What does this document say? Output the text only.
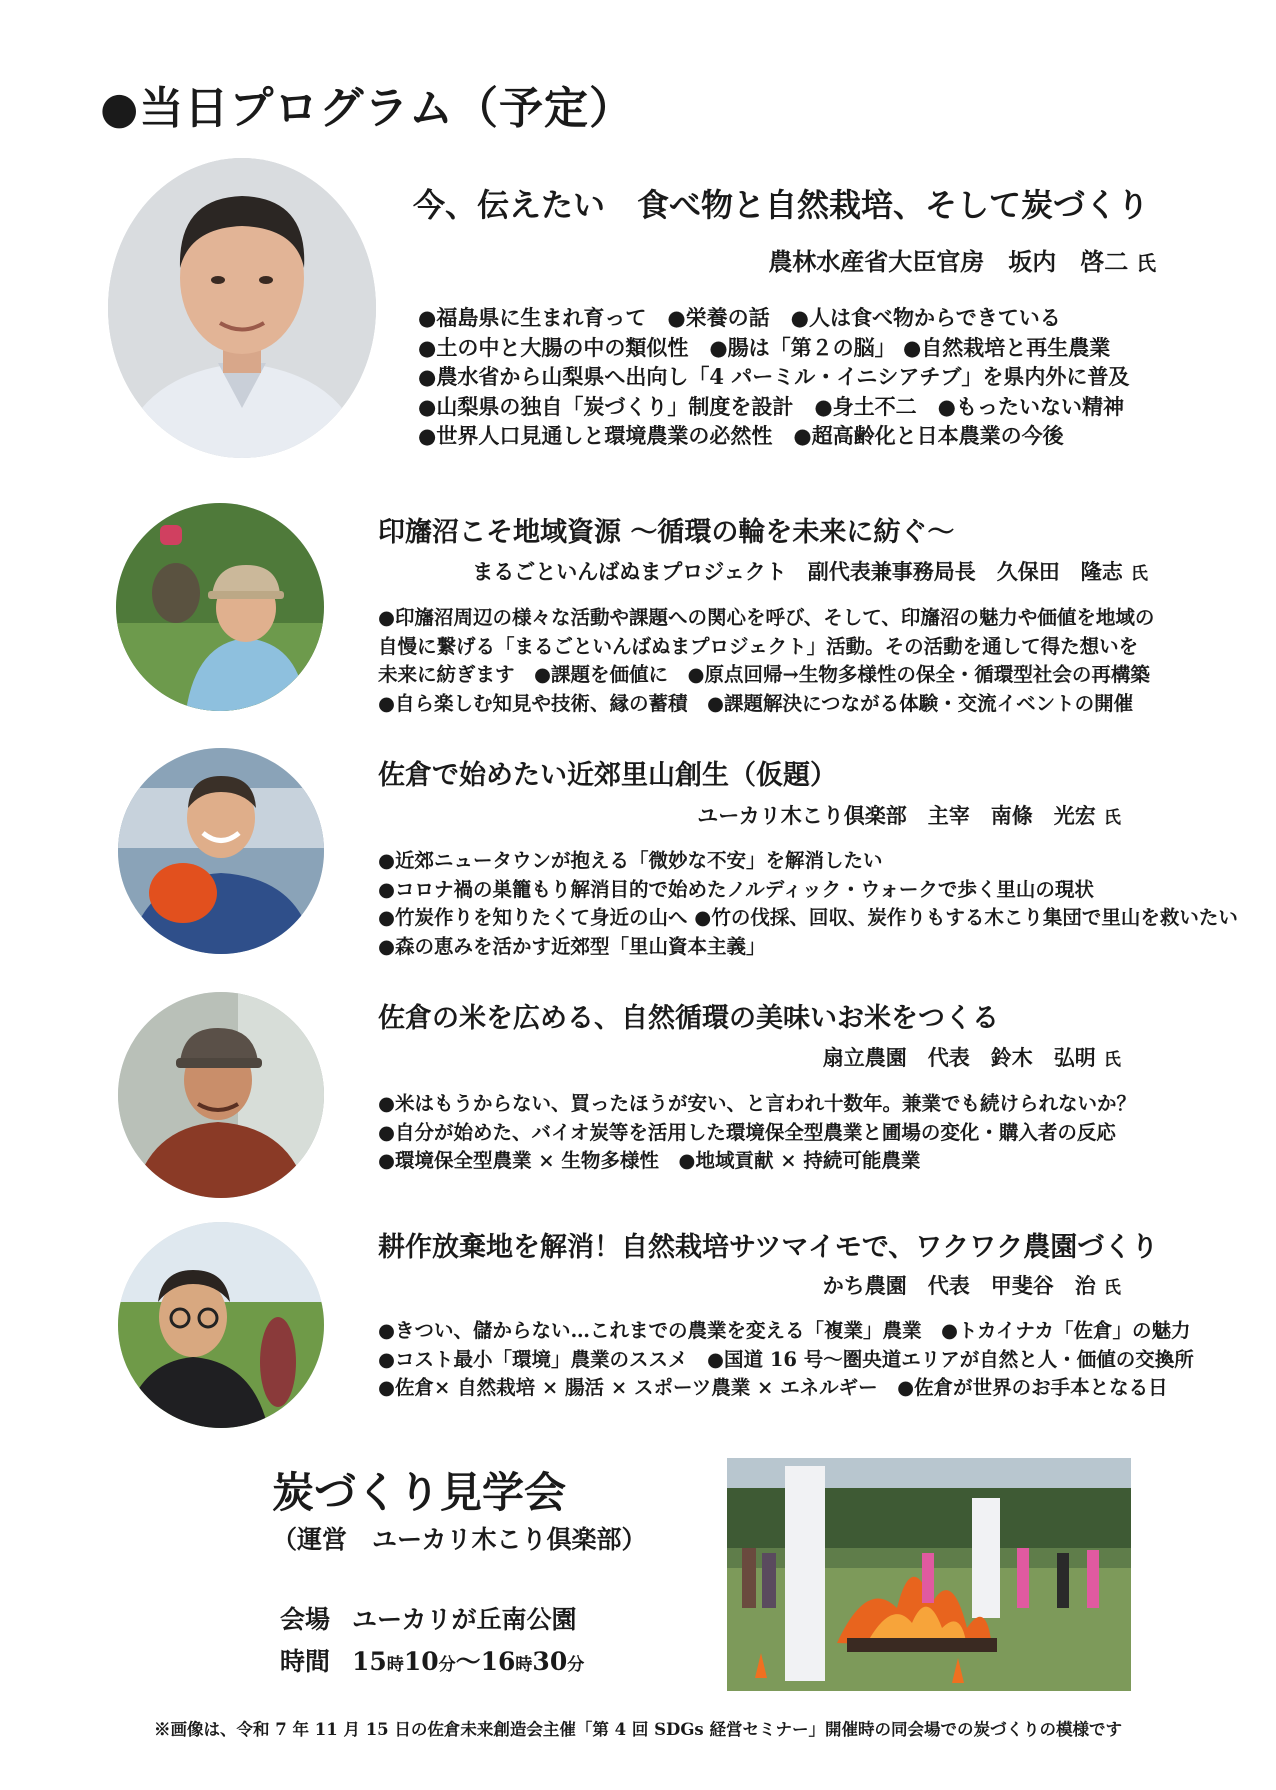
●当日プログラム（予定）
今、伝えたい　食べ物と自然栽培、そして炭づくり
農林水産省大臣官房　坂内　啓二 氏
●福島県に生まれ育って　●栄養の話　●人は食べ物からできている
●土の中と大腸の中の類似性　●腸は「第２の脳」 ●自然栽培と再生農業
●農水省から山梨県へ出向し「4 パーミル・イニシアチブ」を県内外に普及
●山梨県の独自「炭づくり」制度を設計　●身土不二　●もったいない精神
●世界人口見通しと環境農業の必然性　●超高齢化と日本農業の今後
印旛沼こそ地域資源 ～循環の輪を未来に紡ぐ～
まるごといんばぬまプロジェクト　副代表兼事務局長　久保田　隆志 氏
●印旛沼周辺の様々な活動や課題への関心を呼び、そして、印旛沼の魅力や価値を地域の
自慢に繋げる「まるごといんばぬまプロジェクト」活動。その活動を通して得た想いを
未来に紡ぎます　●課題を価値に　●原点回帰→生物多様性の保全・循環型社会の再構築
●自ら楽しむ知見や技術、縁の蓄積　●課題解決につながる体験・交流イベントの開催
佐倉で始めたい近郊里山創生（仮題）
ユーカリ木こり倶楽部　主宰　南條　光宏 氏
●近郊ニュータウンが抱える「微妙な不安」を解消したい
●コロナ禍の巣籠もり解消目的で始めたノルディック・ウォークで歩く里山の現状
●竹炭作りを知りたくて身近の山へ ●竹の伐採、回収、炭作りもする木こり集団で里山を救いたい
●森の恵みを活かす近郊型「里山資本主義」
佐倉の米を広める、自然循環の美味いお米をつくる
扇立農園　代表　鈴木　弘明 氏
●米はもうからない、買ったほうが安い、と言われ十数年。兼業でも続けられないか？
●自分が始めた、バイオ炭等を活用した環境保全型農業と圃場の変化・購入者の反応
●環境保全型農業 × 生物多様性　●地域貢献 × 持続可能農業
耕作放棄地を解消！自然栽培サツマイモで、ワクワク農園づくり
かち農園　代表　甲斐谷　治 氏
●きつい、儲からない…これまでの農業を変える「複業」農業　●トカイナカ「佐倉」の魅力
●コスト最小「環境」農業のススメ　●国道 16 号～圏央道エリアが自然と人・価値の交換所
●佐倉× 自然栽培 × 腸活 × スポーツ農業 × エネルギー　●佐倉が世界のお手本となる日
炭づくり見学会
（運営　ユーカリ木こり倶楽部）
会場 ユーカリが丘南公園
時間 15時10分～16時30分
※画像は、令和 7 年 11 月 15 日の佐倉未来創造会主催「第 4 回 SDGs 経営セミナー」開催時の同会場での炭づくりの模様です
